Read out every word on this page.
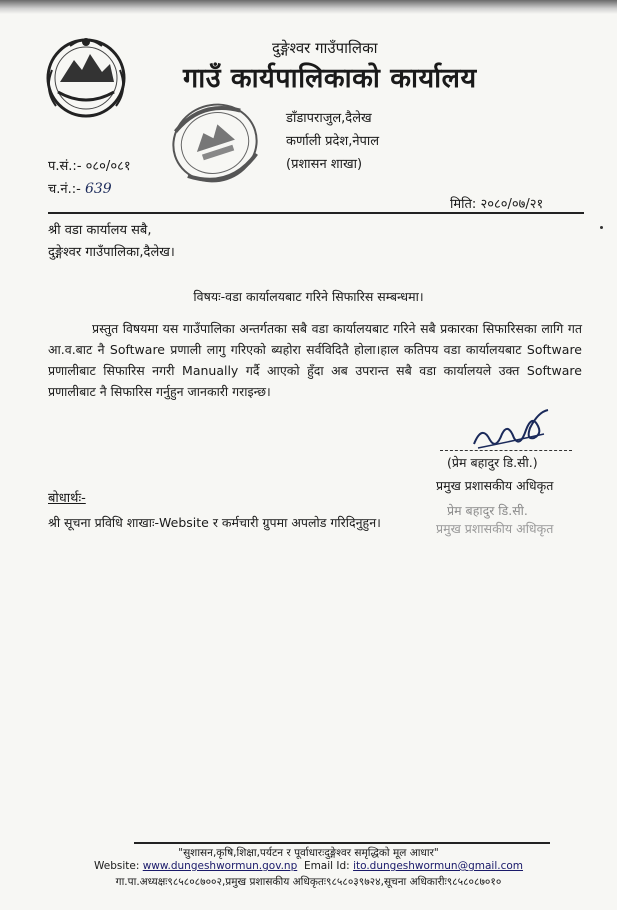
दुङ्गेश्वर गाउँपालिका
गाउँ कार्यपालिकाको कार्यालय
डाँडापराजुल,दैलेख
कर्णाली प्रदेश,नेपाल
(प्रशासन शाखा)
प.सं.:- ०८०/०८१
च.नं.:- 639
मिति: २०८०/०७/२१
श्री वडा कार्यालय सबै,
दुङ्गेश्वर गाउँपालिका,दैलेख।
विषयः-वडा कार्यालयबाट गरिने सिफारिस सम्बन्धमा।
प्रस्तुत विषयमा यस गाउँपालिका अन्तर्गतका सबै वडा कार्यालयबाट गरिने सबै प्रकारका सिफारिसका लागि गत आ.व.बाट नै Software प्रणाली लागु गरिएको ब्यहोरा सर्वविदितै होला।हाल कतिपय वडा कार्यालयबाट Software प्रणालीबाट सिफारिस नगरी Manually गर्दै आएको हुँदा अब उपरान्त सबै वडा कार्यालयले उक्त Software प्रणालीबाट नै सिफारिस गर्नुहुन जानकारी गराइन्छ।
(प्रेम बहादुर डि.सी.)
प्रमुख प्रशासकीय अधिकृत
प्रेम बहादुर डि.सी.
प्रमुख प्रशासकीय अधिकृत
बोधार्थः-
श्री सूचना प्रविधि शाखाः-Website र कर्मचारी ग्रुपमा अपलोड गरिदिनुहुन।
"सुशासन,कृषि,शिक्षा,पर्यटन र पूर्वाधारःदुङ्गेश्वर समृद्धिको मूल आधार"
Website: www.dungeshwormun.gov.np Email Id: ito.dungeshwormun@gmail.com
गा.पा.अध्यक्षः९८५८०८७००२,प्रमुख प्रशासकीय अधिकृतः९८५८०३९७२४,सूचना अधिकारीः९८५८०८७०१०
